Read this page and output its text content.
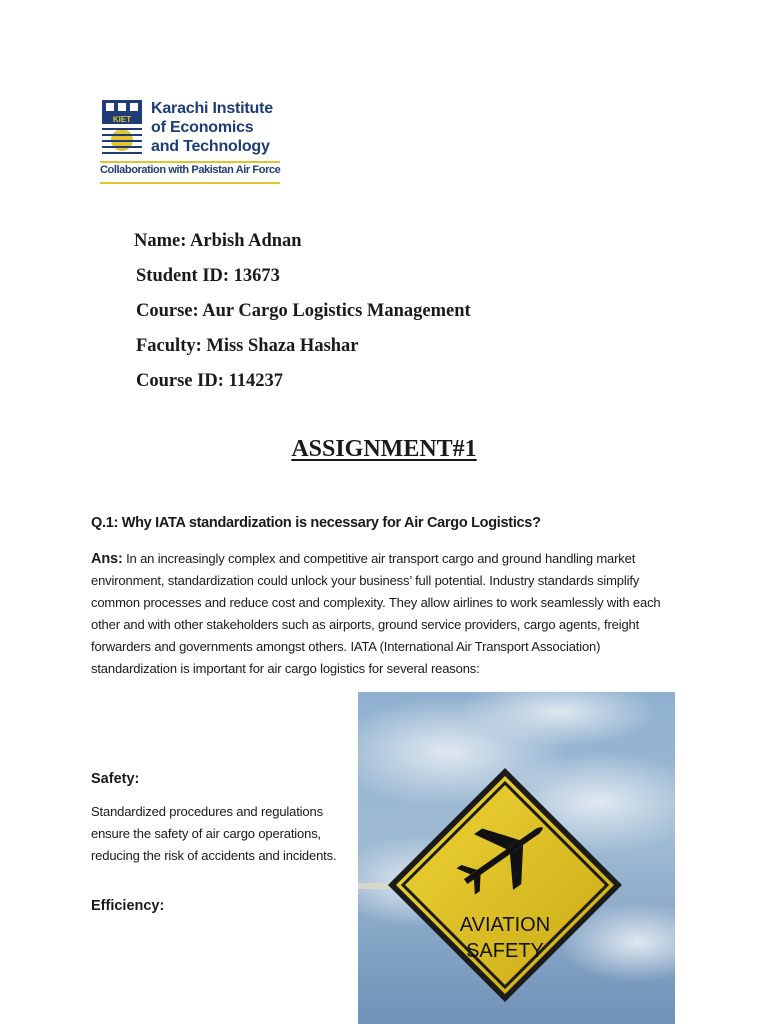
KIET
Karachi Institute
of Economics
and Technology
Collaboration with Pakistan Air Force
Name: Arbish Adnan
Student ID: 13673
Course: Aur Cargo Logistics Management
Faculty: Miss Shaza Hashar
Course ID: 114237
ASSIGNMENT#1
Q.1: Why IATA standardization is necessary for Air Cargo Logistics?
Ans: In an increasingly complex and competitive air transport cargo and ground handling market environment, standardization could unlock your business’ full potential. Industry standards simplify common processes and reduce cost and complexity. They allow airlines to work seamlessly with each other and with other stakeholders such as airports, ground service providers, cargo agents, freight forwarders and governments amongst others. IATA (International Air Transport Association) standardization is important for air cargo logistics for several reasons:
Safety:
Standardized procedures and regulations ensure the safety of air cargo operations, reducing the risk of accidents and incidents.
Efficiency:
AVIATION
SAFETY
